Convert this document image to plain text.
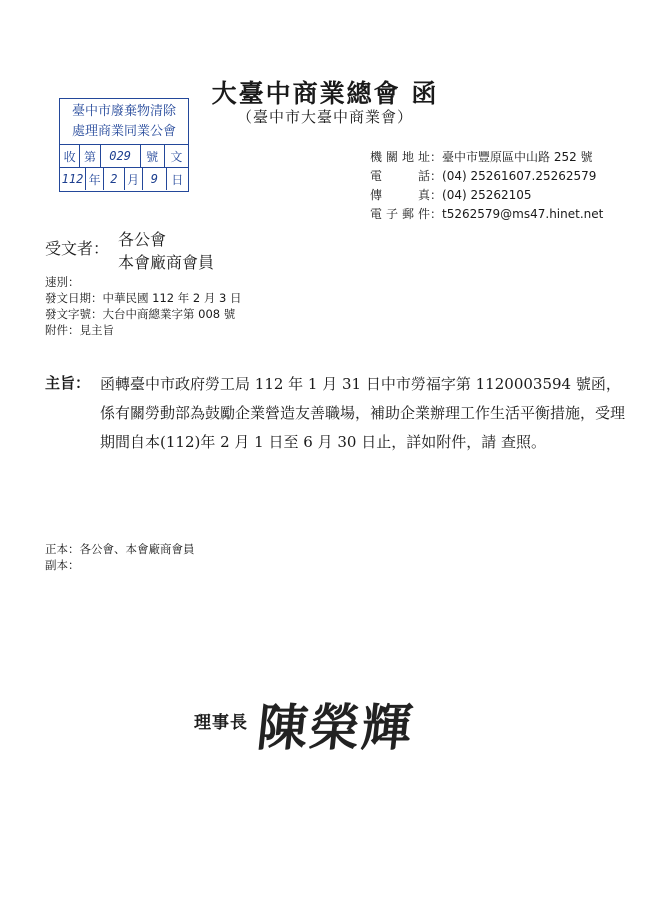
大臺中商業總會 函
（臺中市大臺中商業會）
臺中市廢棄物清除
處理商業同業公會
收 第	029	號	文
112 年 2 月 9	日
機關地址：臺中市豐原區中山路 252 號
電話：(04) 25261607.25262579
傳真：(04) 25262105
電子郵件：t5262579@ms47.hinet.net
受文者： 各公會
本會廠商會員
速別：
發文日期：中華民國 112 年 2 月 3 日
發文字號：大台中商總業字第 008 號
附件：見主旨
主旨： 函轉臺中市政府勞工局 112 年 1 月 31 日中市勞福字第 1120003594 號函，係有關勞動部為鼓勵企業營造友善職場，補助企業辦理工作生活平衡措施，受理期間自本(112)年 2 月 1 日至 6 月 30 日止，詳如附件，請 查照。
正本：各公會、本會廠商會員
副本：
理事長 陳榮輝
